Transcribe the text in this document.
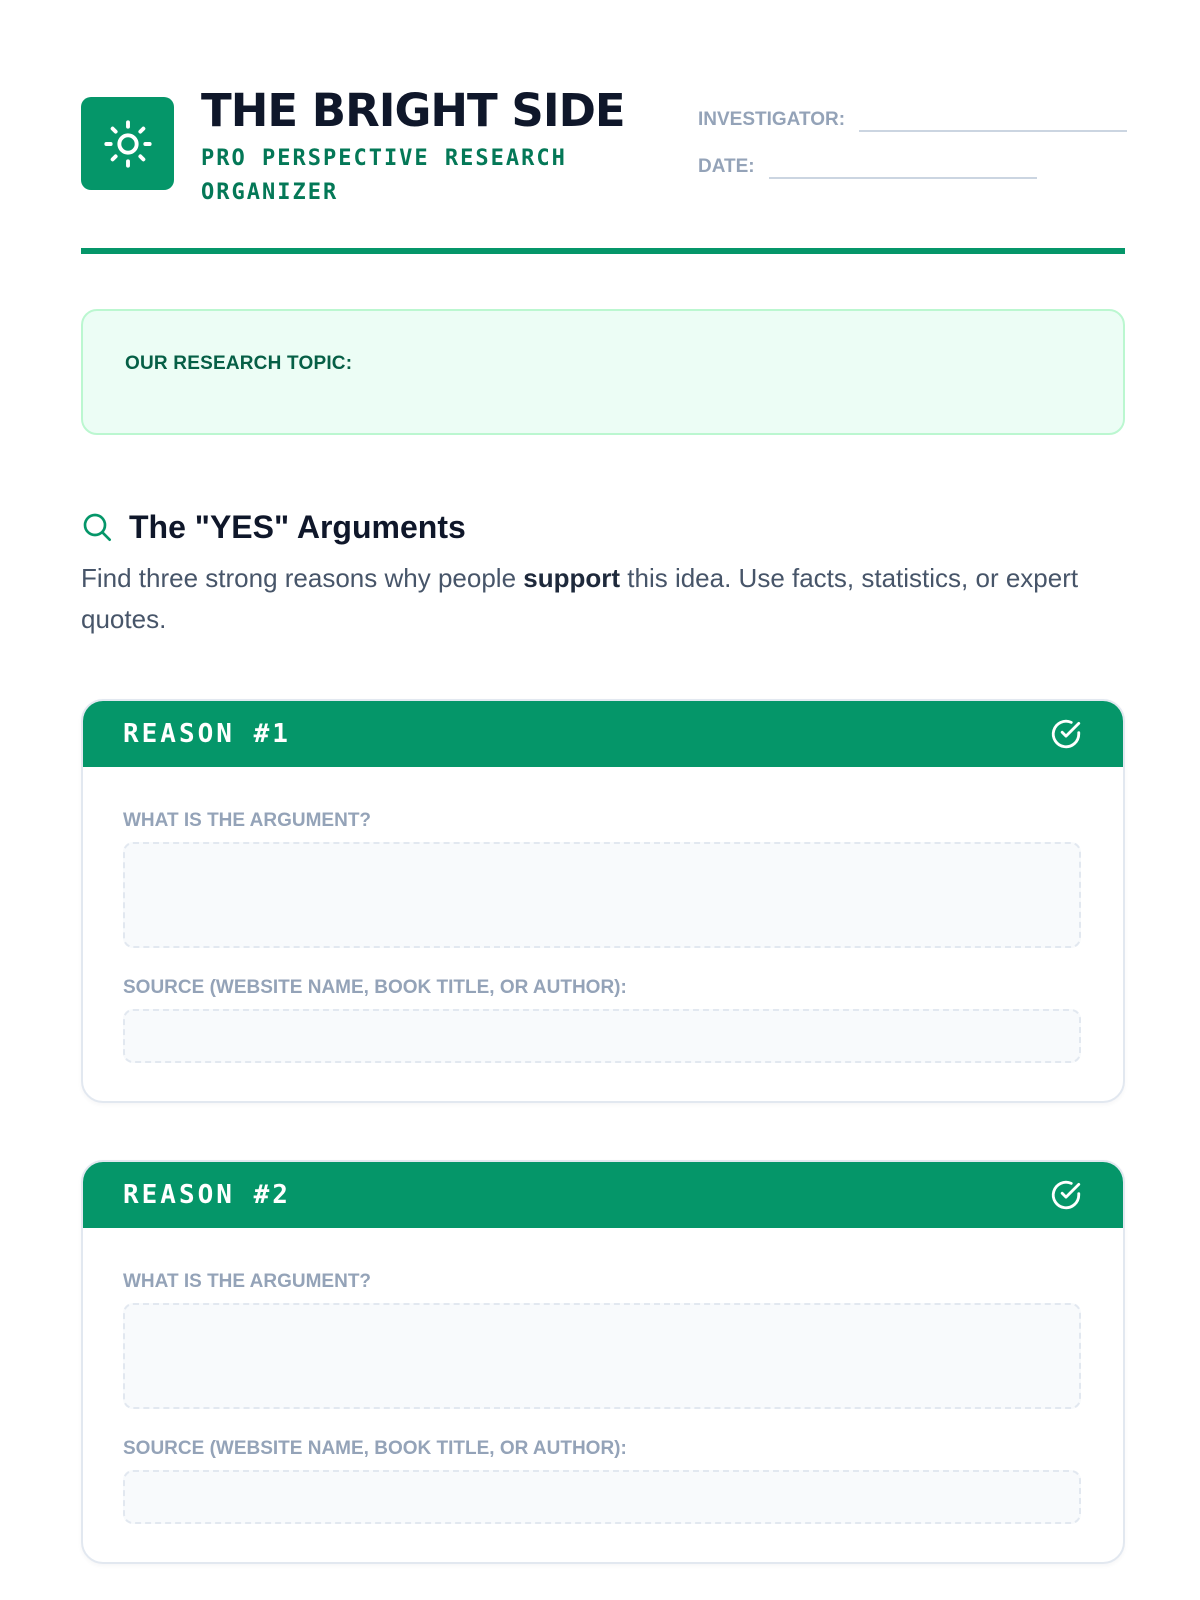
THE BRIGHT SIDE
PRO PERSPECTIVE RESEARCH ORGANIZER
INVESTIGATOR:
DATE:
OUR RESEARCH TOPIC:
The "YES" Arguments

Find three strong reasons why people support this idea. Use facts, statistics, or expert quotes.

REASON #1
WHAT IS THE ARGUMENT?
SOURCE (WEBSITE NAME, BOOK TITLE, OR AUTHOR):
REASON #2
WHAT IS THE ARGUMENT?
SOURCE (WEBSITE NAME, BOOK TITLE, OR AUTHOR):
